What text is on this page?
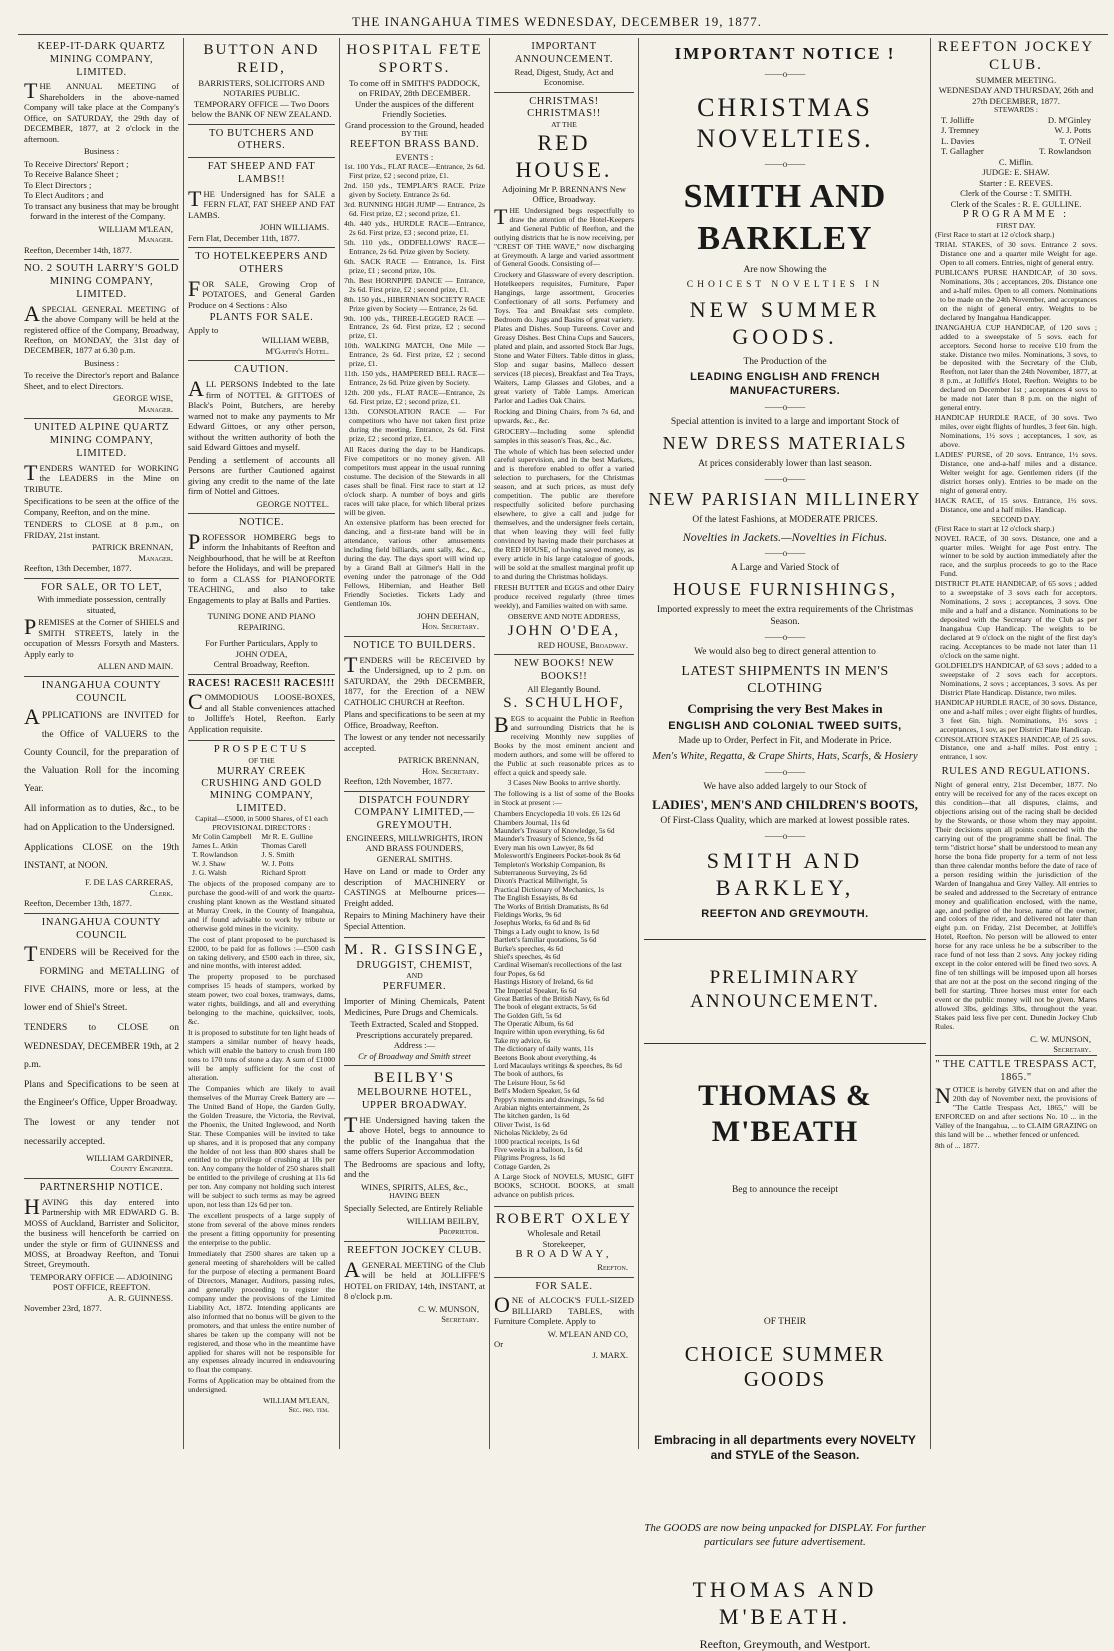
THE INANGAHUA TIMES WEDNESDAY, DECEMBER 19, 1877.
KEEP-IT-DARK QUARTZ MINING COMPANY, LIMITED.
THE ANNUAL MEETING of Shareholders in the above-named Company will take place at the Company's Office, on SATURDAY, the 29th day of DECEMBER, 1877, at 2 o'clock in the afternoon.
Business :
To Receive Directors' Report ;
To Receive Balance Sheet ;
To Elect Directors ;
To Elect Auditors ; and
To transact any business that may be brought forward in the interest of the Company.
WILLIAM M'LEAN,
Manager.
Reefton, December 14th, 1877.
NO. 2 SOUTH LARRY'S GOLD MINING COMPANY, LIMITED.
ASPECIAL GENERAL MEETING of the above Company will be held at the registered office of the Company, Broadway, Reefton, on MONDAY, the 31st day of DECEMBER, 1877 at 6.30 p.m.
Business :
To receive the Director's report and Balance Sheet, and to elect Directors.
GEORGE WISE,
Manager.
UNITED ALPINE QUARTZ MINING COMPANY, LIMITED.
TENDERS WANTED for WORKING the LEADERS in the Mine on TRIBUTE.
Specifications to be seen at the office of the Company, Reefton, and on the mine.
TENDERS to CLOSE at 8 p.m., on FRIDAY, 21st instant.
PATRICK BRENNAN,
Manager.
Reefton, 13th December, 1877.
FOR SALE, OR TO LET,
With immediate possession, centrally situated,
PREMISES at the Corner of SHIELS and SMITH STREETS, lately in the occupation of Messrs Forsyth and Masters. Apply early to
ALLEN AND MAIN.
INANGAHUA COUNTY COUNCIL
APPLICATIONS are INVITED for the Office of VALUERS to the County Council, for the preparation of the Valuation Roll for the incoming Year.
All information as to duties, &c., to be had on Application to the Undersigned.
Applications CLOSE on the 19th INSTANT, at NOON.
F. DE LAS CARRERAS,
Clerk.
Reefton, December 13th, 1877.
INANGAHUA COUNTY COUNCIL
TENDERS will be Received for the FORMING and METALLING of FIVE CHAINS, more or less, at the lower end of Shiel's Street.
TENDERS to CLOSE on WEDNESDAY, DECEMBER 19th, at 2 p.m.
Plans and Specifications to be seen at the Engineer's Office, Upper Broadway.
The lowest or any tender not necessarily accepted.
WILLIAM GARDINER,
County Engineer.
PARTNERSHIP NOTICE.
HAVING this day entered into Partnership with MR EDWARD G. B. MOSS of Auckland, Barrister and Solicitor, the business will henceforth be carried on under the style or firm of GUINNESS and MOSS, at Broadway Reefton, and Tonui Street, Greymouth.
TEMPORARY OFFICE — ADJOINING POST OFFICE, REEFTON.
A. R. GUINNESS.
November 23rd, 1877.
BUTTON AND REID,
BARRISTERS, SOLICITORS AND NOTARIES PUBLIC.
TEMPORARY OFFICE — Two Doors below the BANK OF NEW ZEALAND.
TO BUTCHERS AND OTHERS.
FAT SHEEP AND FAT LAMBS!!
THE Undersigned has for SALE a FERN FLAT, FAT SHEEP AND FAT LAMBS.
JOHN WILLIAMS.
Fern Flat, December 11th, 1877.
TO HOTELKEEPERS AND OTHERS
FOR SALE, Growing Crop of POTATOES, and General Garden Produce on 4 Sections : Also
PLANTS FOR SALE.
Apply to
WILLIAM WEBB,
M'Gaffin's Hotel.
CAUTION.
ALL PERSONS Indebted to the late firm of NOTTEL & GITTOES of Black's Point, Butchers, are hereby warned not to make any payments to Mr Edward Gittoes, or any other person, without the written authority of both the said Edward Gittoes and myself.
Pending a settlement of accounts all Persons are further Cautioned against giving any credit to the name of the late firm of Nottel and Gittoes.
GEORGE NOTTEL.
NOTICE.
PROFESSOR HOMBERG begs to inform the Inhabitants of Reefton and Neighbourhood, that he will be at Reefton before the Holidays, and will be prepared to form a CLASS for PIANOFORTE TEACHING, and also to take Engagements to play at Balls and Parties.
TUNING DONE AND PIANO REPAIRING.
For Further Particulars, Apply to
JOHN O'DEA,
Central Broadway, Reefton.
RACES! RACES!! RACES!!!
COMMODIOUS LOOSE-BOXES, and all Stable conveniences attached to Jolliffe's Hotel, Reefton. Early Application requisite.
PROSPECTUS
OF THE
MURRAY CREEK CRUSHING AND GOLD MINING COMPANY, LIMITED.
Capital—£5000, in 5000 Shares, of £1 each
PROVISIONAL DIRECTORS :
Mr Colin Campbell	Mr R. E. Gulline
James L. Atkin	Thomas Carell
T. Rowlandson	J. S. Smith
W. J. Shaw	W. J. Potts
J. G. Walsh	Richard Sprott
The objects of the proposed company are to purchase the good-will of and work the quartz-crushing plant known as the Westland situated at Murray Creek, in the County of Inangahua, and if found advisable to work by tribute or otherwise gold mines in the vicinity.
The cost of plant proposed to be purchased is £2000, to be paid for as follows :—£500 cash on taking delivery, and £500 each in three, six, and nine months, with interest added.
The property proposed to be purchased comprises 15 heads of stampers, worked by steam power, two coal boxes, tramways, dams, water rights, buildings, and all and everything belonging to the machine, quicksilver, tools, &c.
It is proposed to substitute for ten light heads of stampers a similar number of heavy heads, which will enable the battery to crush from 180 tons to 170 tons of stone a day. A sum of £1000 will be amply sufficient for the cost of alteration.
The Companies which are likely to avail themselves of the Murray Creek Battery are —The United Band of Hope, the Garden Gully, the Golden Treasure, the Victoria, the Revival, the Phoenix, the United Inglewood, and North Star. These Companies will be invited to take up shares, and it is proposed that any company the holder of not less than 800 shares shall be entitled to the privilege of crushing at 10s per ton. Any company the holder of 250 shares shall be entitled to the privilege of crushing at 11s 6d per ton. Any company not holding such interest will be subject to such terms as may be agreed upon, not less than 12s 6d per ton.
The excellent prospects of a large supply of stone from several of the above mines renders the present a fitting opportunity for presenting the enterprise to the public.
Immediately that 2500 shares are taken up a general meeting of shareholders will be called for the purpose of electing a permanent Board of Directors, Manager, Auditors, passing rules, and generally proceeding to register the company under the provisions of the Limited Liability Act, 1872. Intending applicants are also informed that no bonus will be given to the promoters, and that unless the entire number of shares be taken up the company will not be registered, and those who in the meantime have applied for shares will not be responsible for any expenses already incurred in endeavouring to float the company.
Forms of Application may be obtained from the undersigned.
WILLIAM M'LEAN,
Sec. pro. tem.
HOSPITAL FETE SPORTS.
To come off in SMITH'S PADDOCK, on FRIDAY, 28th DECEMBER.
Under the auspices of the different Friendly Societies.
Grand procession to the Ground, headed
BY THE
REEFTON BRASS BAND.
EVENTS :
1st. 100 Yds., FLAT RACE—Entrance, 2s 6d. First prize, £2 ; second prize, £1.
2nd. 150 yds., TEMPLAR'S RACE. Prize given by Society. Entrance 2s 6d.
3rd. RUNNING HIGH JUMP — Entrance, 2s 6d. First prize, £2 ; second prize, £1.
4th. 440 yds., HURDLE RACE—Entrance, 2s 6d. First prize, £3 ; second prize, £1.
5th. 110 yds., ODDFELLOWS' RACE—Entrance, 2s 6d. Prize given by Society.
6th. SACK RACE — Entrance, 1s. First prize, £1 ; second prize, 10s.
7th. Best HORNPIPE DANCE — Entrance, 2s 6d. First prize, £2 ; second prize, £1.
8th. 150 yds., HIBERNIAN SOCIETY RACE Prize given by Society — Entrance, 2s 6d.
9th. 100 yds., THREE-LEGGED RACE — Entrance, 2s 6d. First prize, £2 ; second prize, £1.
10th. WALKING MATCH, One Mile — Entrance, 2s 6d. First prize, £2 ; second prize, £1.
11th. 150 yds., HAMPERED BELL RACE—Entrance, 2s 6d. Prize given by Society.
12th. 200 yds., FLAT RACE—Entrance, 2s 6d. First prize, £2 ; second prize, £1.
13th. CONSOLATION RACE — For competitors who have not taken first prize during the meeting. Entrance, 2s 6d. First prize, £2 ; second prize, £1.
All Races during the day to be Handicaps. Five competitors or no money given. All competitors must appear in the usual running costume. The decision of the Stewards in all cases shall be final. First race to start at 12 o'clock sharp. A number of boys and girls races will take place, for which liberal prizes will be given.
An extensive platform has been erected for dancing, and a first-rate band will be in attendance, various other amusements including field billiards, aunt sally, &c., &c., during the day. The days sport will wind up by a Grand Ball at Gilmer's Hall in the evening under the patronage of the Odd Fellows, Hibernian, and Heather Bell Friendly Societies. Tickets Lady and Gentleman 10s.
JOHN DEEHAN,
Hon. Secretary.
NOTICE TO BUILDERS.
TENDERS will be RECEIVED by the Undersigned, up to 2 p.m. on SATURDAY, the 29th DECEMBER, 1877, for the Erection of a NEW CATHOLIC CHURCH at Reefton.
Plans and specifications to be seen at my Office, Broadway, Reefton.
The lowest or any tender not necessarily accepted.
PATRICK BRENNAN,
Hon. Secretary.
Reefton, 12th November, 1877.
DISPATCH FOUNDRY COMPANY LIMITED,—GREYMOUTH.
ENGINEERS, MILLWRIGHTS, IRON AND BRASS FOUNDERS,
GENERAL SMITHS.
Have on Land or made to Order any description of MACHINERY or CASTINGS at Melbourne prices—Freight added.
Repairs to Mining Machinery have their Special Attention.
M. R. GISSINGE,
DRUGGIST, CHEMIST,
AND
PERFUMER.
Importer of Mining Chemicals, Patent Medicines, Pure Drugs and Chemicals.
Teeth Extracted, Scaled and Stopped.
Prescriptions accurately prepared.
Address :—
Cr of Broadway and Smith street
BEILBY'S
MELBOURNE HOTEL,
UPPER BROADWAY.
THE Undersigned having taken the above Hotel, begs to announce to the public of the Inangahua that the same offers Superior Accommodation
The Bedrooms are spacious and lofty, and the
WINES, SPIRITS, ALES, &c.,
HAVING BEEN
Specially Selected, are Entirely Reliable
WILLIAM BEILBY,
Proprietor.
REEFTON JOCKEY CLUB.
AGENERAL MEETING of the Club will be held at JOLLIFFE'S HOTEL on FRIDAY, 14th, INSTANT, at 8 o'clock p.m.
C. W. MUNSON,
Secretary.
IMPORTANT ANNOUNCEMENT.
Read, Digest, Study, Act and Economise.
CHRISTMAS! CHRISTMAS!!
AT THE
RED HOUSE.
Adjoining Mr P. BRENNAN'S New Office, Broadway.
THE Undersigned begs respectfully to draw the attention of the Hotel-Keepers and General Public of Reefton, and the outlying districts that he is now receiving, per "CREST OF THE WAVE," now discharging at Greymouth. A large and varied assortment of General Goods. Consisting of—
Crockery and Glassware of every description. Hotelkeepers requisites, Furniture, Paper Hangings, large assortment, Groceries Confectionary of all sorts. Perfumery and Toys. Tea and Breakfast sets complete. Bedroom do. Jugs and Basins of great variety. Plates and Dishes. Soup Tureens. Cover and Greasy Dishes. Best China Cups and Saucers, plated and plain, and assorted Stock Bar Jugs, Stone and Water Filters. Table dittos in glass, Slop and sugar basins, Malleco dessert services (18 pieces), Breakfast and Tea Trays, Waiters, Lamp Glasses and Globes, and a great variety of Table Lamps. American Parlor and Ladies Oak Chairs.
Rocking and Dining Chairs, from 7s 6d, and upwards, &c., &c.
GROCERY—Including some splendid samples in this season's Teas, &c., &c.
The whole of which has been selected under careful supervision, and in the best Markets, and is therefore enabled to offer a varied selection to purchasers, for the Christmas season, and at such prices, as must defy competition. The public are therefore respectfully solicited before purchasing elsewhere, to give a call and judge for themselves, and the undersigner feels certain, that when leaving they will feel fully convinced by having made their purchases at the RED HOUSE, of having saved money, as every article in his large catalogue of goods, will be sold at the smallest marginal profit up to and during the Christmas holidays.
FRESH BUTTER and EGGS and other Dairy produce received regularly (three times weekly), and Families waited on with same.
OBSERVE AND NOTE ADDRESS,
JOHN O'DEA,
RED HOUSE, Broadway.
NEW BOOKS! NEW BOOKS!!
All Elegantly Bound.
S. SCHULHOF,
BEGS to acquaint the Public in Reefton and surrounding Districts that he is receiving Monthly new supplies of Books by the most eminent ancient and modern authors, and some will be offered to the Public at such reasonable prices as to effect a quick and speedy sale.
3 Cases New Books to arrive shortly.
The following is a list of some of the Books in Stock at present :—
Chambers Encyclopedia 10 vols. £6 12s 6d
Chambers Journal, 11s 6d
Maunder's Treasury of Knowledge, 5s 6d
Maunder's Treasury of Science, 9s 6d
Every man his own Lawyer, 8s 6d
Molesworth's Engineers Pocket-book 8s 6d
Templeton's Workship Companion, 8s
Subterraneous Surveying, 2s 6d
Dixon's Practical Millwright, 5s
Practical Dictionary of Mechanics, 1s
The English Essayists, 8s 6d
The Works of British Dramatists, 8s 6d
Fieldings Works, 9s 6d
Josephus Works, 6s 6d and 8s 6d
Things a Lady ought to know, 1s 6d
Bartlett's familiar quotations, 5s 6d
Burke's speeches, 4s 6d
Shiel's speeches, 4s 6d
Cardinal Wiseman's recollections of the last four Popes, 6s 6d
Hastings History of Ireland, 6s 6d
The Imperial Speaker, 6s 6d
Great Battles of the British Navy, 6s 6d
The book of elegant extracts, 5s 6d
The Golden Gift, 5s 6d
The Operatic Album, 6s 6d
Inquire within upon everything, 6s 6d
Take my advice, 6s
The dictionary of daily wants, 11s
Beetons Book about everything, 4s
Lord Macaulays writings & speeches, 8s 6d
The book of authors, 6s
The Leisure Hour, 5s 6d
Bell's Modern Speaker, 5s 6d
Peppy's memoirs and drawings, 5s 6d
Arabian nights entertainment, 2s
The kitchen garden, 1s 6d
Oliver Twist, 1s 6d
Nicholas Nickleby, 2s 6d
1000 practical receipts, 1s 6d
Five weeks in a balloon, 1s 6d
Pilgrims Progress, 1s 6d
Cottage Garden, 2s
A Large Stock of NOVELS, MUSIC, GIFT BOOKS, SCHOOL BOOKS, at small advance on publish prices.
ROBERT OXLEY
Wholesale and Retail
Storekeeper,
BROADWAY,
Reefton.
FOR SALE.
ONE of ALCOCK'S FULL-SIZED BILLIARD TABLES, with Furniture Complete. Apply to
W. M'LEAN AND CO,
Or
J. MARX.
IMPORTANT NOTICE !
——o——
CHRISTMAS NOVELTIES.
——o——
SMITH AND BARKLEY
Are now Showing the
CHOICEST NOVELTIES IN
NEW SUMMER GOODS.
The Production of the
LEADING ENGLISH AND FRENCH MANUFACTURERS.
——o——
Special attention is invited to a large and important Stock of
NEW DRESS MATERIALS
At prices considerably lower than last season.
——o——
NEW PARISIAN MILLINERY
Of the latest Fashions, at MODERATE PRICES.
Novelties in Jackets.—Novelties in Fichus.
——o——
A Large and Varied Stock of
HOUSE FURNISHINGS,
Imported expressly to meet the extra requirements of the Christmas Season.
——o——
We would also beg to direct general attention to
LATEST SHIPMENTS IN MEN'S CLOTHING
Comprising the very Best Makes in
ENGLISH AND COLONIAL TWEED SUITS,
Made up to Order, Perfect in Fit, and Moderate in Price.
Men's White, Regatta, & Crape Shirts, Hats, Scarfs, & Hosiery
——o——
We have also added largely to our Stock of
LADIES', MEN'S AND CHILDREN'S BOOTS,
Of First-Class Quality, which are marked at lowest possible rates.
——o——
SMITH AND BARKLEY,
REEFTON AND GREYMOUTH.
PRELIMINARY ANNOUNCEMENT.
THOMAS & M'BEATH
Beg to announce the receipt
OF THEIR
CHOICE SUMMER GOODS
Embracing in all departments every NOVELTY and STYLE of the Season.
The GOODS are now being unpacked for DISPLAY. For further particulars see future advertisement.
THOMAS AND M'BEATH.
Reefton, Greymouth, and Westport.
REEFTON JOCKEY CLUB.
SUMMER MEETING.
WEDNESDAY AND THURSDAY, 26th and 27th DECEMBER, 1877.
STEWARDS :
T. Jolliffe	D. M'Ginley
J. Tremney	W. J. Potts
L. Davies	T. O'Neil
T. Gallagher	T. Rowlandson
C. Miflin.
JUDGE: E. SHAW.
Starter : E. REEVES.
Clerk of the Course : T. SMITH.
Clerk of the Scales : R. E. GULLINE.
PROGRAMME :
FIRST DAY.
(First Race to start at 12 o'clock sharp.)
TRIAL STAKES, of 30 sovs. Entrance 2 sovs. Distance one and a quarter mile Weight for age. Open to all comers. Entries, night of general entry.
PUBLICAN'S PURSE HANDICAP, of 30 sovs. Nominations, 30s ; acceptances, 20s. Distance one and a-half miles. Open to all comers. Nominations to be made on the 24th November, and acceptances on the night of general entry. Weights to be declared by Inangahua Handicapper.
INANGAHUA CUP HANDICAP, of 120 sovs ; added to a sweepstake of 5 sovs. each for acceptors. Second horse to receive £10 from the stake. Distance two miles. Nominations, 3 sovs, to be deposited with the Secretary of the Club, Reefton, not later than the 24th November, 1877, at 8 p.m., at Jolliffe's Hotel, Reefton. Weights to be declared on December 1st ; acceptances 4 sovs to be made not later than 8 p.m. on the night of general entry.
HANDICAP HURDLE RACE, of 30 sovs. Two miles, over eight flights of hurdles, 3 feet 6in. high. Nominations, 1½ sovs ; acceptances, 1 sov, as above.
LADIES' PURSE, of 20 sovs. Entrance, 1½ sovs. Distance, one and-a-half miles and a distance. Welter weight for age. Gentlemen riders (if the district horses only). Entries to be made on the night of general entry.
HACK RACE, of 15 sovs. Entrance, 1½ sovs. Distance, one and a half miles. Handicap.
SECOND DAY.
(First Race to start at 12 o'clock sharp.)
NOVEL RACE, of 30 sovs. Distance, one and a quarter miles. Weight for age Post entry. The winner to be sold by auction immediately after the race, and the surplus proceeds to go to the Race Fund.
DISTRICT PLATE HANDICAP, of 65 sovs ; added to a sweepstake of 3 sovs each for acceptors. Nominations, 2 sovs ; acceptances, 3 sovs. One mile and a half and a distance. Nominations to be deposited with the Secretary of the Club as per Inangahua Cup Handicap. The weights to be declared at 9 o'clock on the night of the first day's racing. Acceptances to be made not later than 11 o'clock on the same night.
GOLDFIELD'S HANDICAP, of 63 sovs ; added to a sweepstake of 2 sovs each for acceptors. Nominations, 2 sovs ; acceptances, 3 sovs. As per District Plate Handicap. Distance, two miles.
HANDICAP HURDLE RACE, of 30 sovs. Distance, one and a-half miles ; over eight flights of hurdles, 3 feet 6in. high. Nominations, 1½ sovs ; acceptances, 1 sov, as per District Plate Handicap.
CONSOLATION STAKES HANDICAP, of 25 sovs. Distance, one and a-half miles. Post entry ; entrance, 1 sov.
RULES AND REGULATIONS.
Night of general entry, 21st December, 1877. No entry will be received for any of the races except on this condition—that all disputes, claims, and objections arising out of the racing shall be decided by the Stewards, or those whom they may appoint. Their decisions upon all points connected with the carrying out of the programme shall be final. The term "district horse" shall be understood to mean any horse the bona fide property for a term of not less than three calendar months before the date of race of a person residing within the jurisdiction of the Warden of Inangahua and Grey Valley. All entries to be sealed and addressed to the Secretary of entrance money and qualification enclosed, with the name, age, and pedigree of the horse, name of the owner, and colors of the rider, and delivered not later than eight p.m. on Friday, 21st December, at Jolliffe's Hotel, Reefton. No person will be allowed to enter horse for any race unless he be a subscriber to the race fund of not less than 2 sovs. Any jockey riding except in the color entered will be fined two sovs. A fine of ten shillings will be imposed upon all horses that are not at the post on the second ringing of the bell for starting. Three horses must enter for each event or the public money will not be given. Mares allowed 3lbs, geldings 3lbs, throughout the year. Stakes paid less five per cent. Dunedin Jockey Club Rules.
C. W. MUNSON,
Secretary.
" THE CATTLE TRESPASS ACT, 1865."
NOTICE is hereby GIVEN that on and after the 20th day of November next, the provisions of "The Cattle Trespass Act, 1865," will be ENFORCED on and after sections No. 10 ... in the Valley of the Inangahua, ... to CLAIM GRAZING on this land will be ... whether fenced or unfenced.
8th of ... 1877.
